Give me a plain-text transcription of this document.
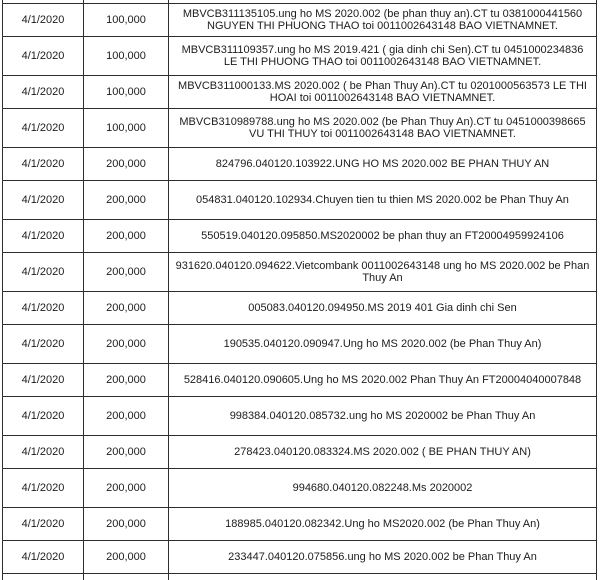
4/1/2020	100,000	MBVCB311135105.ung ho MS 2020.002 (be phan thuy an).CT tu 0381000441560 NGUYEN THI PHUONG THAO toi 0011002643148 BAO VIETNAMNET.
4/1/2020	100,000	MBVCB311109357.ung ho MS 2019.421 ( gia dinh chi Sen).CT tu 0451000234836 LE THI PHUONG THAO toi 0011002643148 BAO VIETNAMNET.
4/1/2020	100,000	MBVCB311000133.MS 2020.002 ( be Phan Thuy An).CT tu 0201000563573 LE THI HOAI toi 0011002643148 BAO VIETNAMNET.
4/1/2020	100,000	MBVCB310989788.ung ho MS 2020.002 (be Phan Thuy An).CT tu 0451000398665 VU THI THUY toi 0011002643148 BAO VIETNAMNET.
4/1/2020	200,000	824796.040120.103922.UNG HO MS 2020.002 BE PHAN THUY AN
4/1/2020	200,000	054831.040120.102934.Chuyen tien tu thien MS 2020.002 be Phan Thuy An
4/1/2020	200,000	550519.040120.095850.MS2020002 be phan thuy an FT20004959924106
4/1/2020	200,000	931620.040120.094622.Vietcombank 0011002643148 ung ho MS 2020.002 be Phan Thuy An
4/1/2020	200,000	005083.040120.094950.MS 2019 401 Gia dinh chi Sen
4/1/2020	200,000	190535.040120.090947.Ung ho MS 2020.002 (be Phan Thuy An)
4/1/2020	200,000	528416.040120.090605.Ung ho MS 2020.002 Phan Thuy An FT20004040007848
4/1/2020	200,000	998384.040120.085732.ung ho MS 2020002 be Phan Thuy An
4/1/2020	200,000	278423.040120.083324.MS 2020.002 ( BE PHAN THUY AN)
4/1/2020	200,000	994680.040120.082248.Ms 2020002
4/1/2020	200,000	188985.040120.082342.Ung ho MS2020.002 (be Phan Thuy An)
4/1/2020	200,000	233447.040120.075856.ung ho MS 2020.002 be Phan Thuy An
